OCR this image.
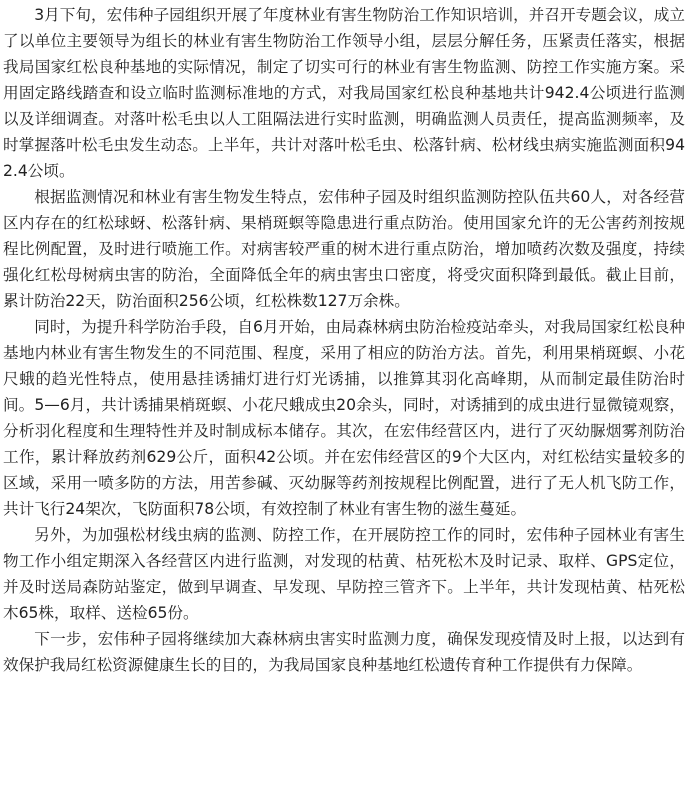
3月下旬，宏伟种子园组织开展了年度林业有害生物防治工作知识培训，并召开专题会议，成立了以单位主要领导为组长的林业有害生物防治工作领导小组，层层分解任务，压紧责任落实，根据我局国家红松良种基地的实际情况，制定了切实可行的林业有害生物监测、防控工作实施方案。采用固定路线踏查和设立临时监测标准地的方式，对我局国家红松良种基地共计942.4公顷进行监测以及详细调查。对落叶松毛虫以人工阻隔法进行实时监测，明确监测人员责任，提高监测频率，及时掌握落叶松毛虫发生动态。上半年，共计对落叶松毛虫、松落针病、松材线虫病实施监测面积942.4公顷。

根据监测情况和林业有害生物发生特点，宏伟种子园及时组织监测防控队伍共60人，对各经营区内存在的红松球蚜、松落针病、果梢斑螟等隐患进行重点防治。使用国家允许的无公害药剂按规程比例配置，及时进行喷施工作。对病害较严重的树木进行重点防治，增加喷药次数及强度，持续强化红松母树病虫害的防治，全面降低全年的病虫害虫口密度，将受灾面积降到最低。截止目前，累计防治22天，防治面积256公顷，红松株数127万余株。

同时，为提升科学防治手段，自6月开始，由局森林病虫防治检疫站牵头，对我局国家红松良种基地内林业有害生物发生的不同范围、程度，采用了相应的防治方法。首先，利用果梢斑螟、小花尺蛾的趋光性特点，使用悬挂诱捕灯进行灯光诱捕，以推算其羽化高峰期，从而制定最佳防治时间。5—6月，共计诱捕果梢斑螟、小花尺蛾成虫20余头，同时，对诱捕到的成虫进行显微镜观察，分析羽化程度和生理特性并及时制成标本储存。其次，在宏伟经营区内，进行了灭幼脲烟雾剂防治工作，累计释放药剂629公斤，面积42公顷。并在宏伟经营区的9个大区内，对红松结实量较多的区域，采用一喷多防的方法，用苦参碱、灭幼脲等药剂按规程比例配置，进行了无人机飞防工作，共计飞行24架次，飞防面积78公顷，有效控制了林业有害生物的滋生蔓延。

另外，为加强松材线虫病的监测、防控工作，在开展防控工作的同时，宏伟种子园林业有害生物工作小组定期深入各经营区内进行监测，对发现的枯黄、枯死松木及时记录、取样、GPS定位，并及时送局森防站鉴定，做到早调查、早发现、早防控三管齐下。上半年，共计发现枯黄、枯死松木65株，取样、送检65份。

下一步，宏伟种子园将继续加大森林病虫害实时监测力度，确保发现疫情及时上报，以达到有效保护我局红松资源健康生长的目的，为我局国家良种基地红松遗传育种工作提供有力保障。
